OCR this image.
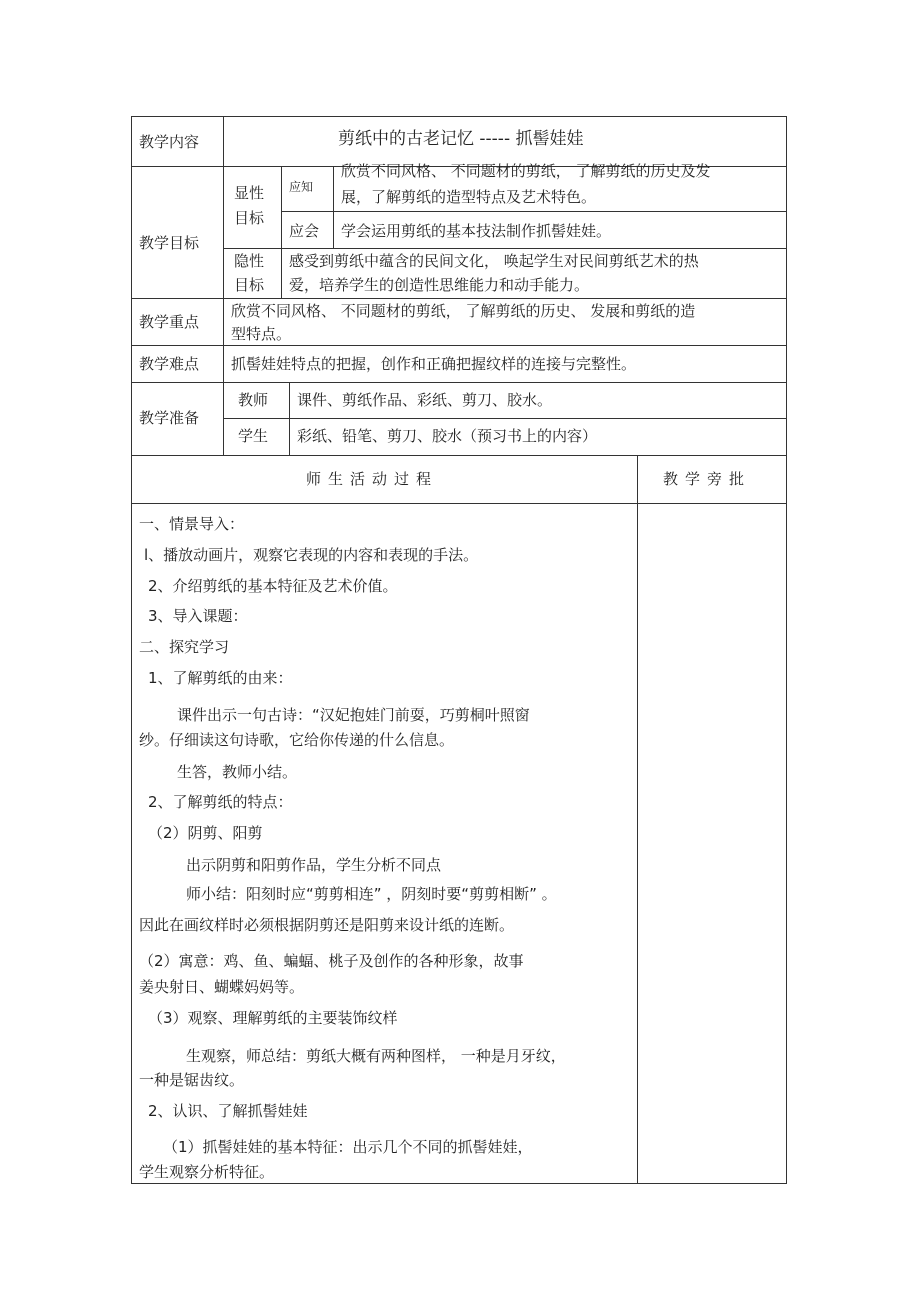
教学内容	剪纸中的古老记忆 ----- 抓髻娃娃
教学目标
显性
目标
应知
欣赏不同风格、 不同题材的剪纸， 了解剪纸的历史及发
展，了解剪纸的造型特点及艺术特色。
应会 学会运用剪纸的基本技法制作抓髻娃娃。
隐性
目标
感受到剪纸中蕴含的民间文化， 唤起学生对民间剪纸艺术的热
爱，培养学生的创造性思维能力和动手能力。
教学重点
欣赏不同风格、 不同题材的剪纸， 了解剪纸的历史、 发展和剪纸的造
型特点。
教学难点 抓髻娃娃特点的把握，创作和正确把握纹样的连接与完整性。
教学准备
教师 课件、剪纸作品、彩纸、剪刀、胶水。
学生 彩纸、铅笔、剪刀、胶水（预习书上的内容）
师生活动过程	教学旁批
一、情景导入：
l、播放动画片，观察它表现的内容和表现的手法。
2、介绍剪纸的基本特征及艺术价值。
3、导入课题：
二、探究学习
1、了解剪纸的由来：
课件出示一句古诗：“汉妃抱娃门前耍，巧剪桐叶照窗
纱。仔细读这句诗歌，它给你传递的什么信息。
生答，教师小结。
2、了解剪纸的特点：
（2）阴剪、阳剪
出示阴剪和阳剪作品，学生分析不同点
师小结：阳刻时应“剪剪相连” ，阴刻时要“剪剪相断” 。
因此在画纹样时必须根据阴剪还是阳剪来设计纸的连断。
（2）寓意：鸡、鱼、蝙蝠、桃子及创作的各种形象，故事
姜央射日、蝴蝶妈妈等。
（3）观察、理解剪纸的主要装饰纹样
生观察，师总结：剪纸大概有两种图样， 一种是月牙纹，
一种是锯齿纹。
2、认识、了解抓髻娃娃
（1）抓髻娃娃的基本特征：出示几个不同的抓髻娃娃，
学生观察分析特征。
